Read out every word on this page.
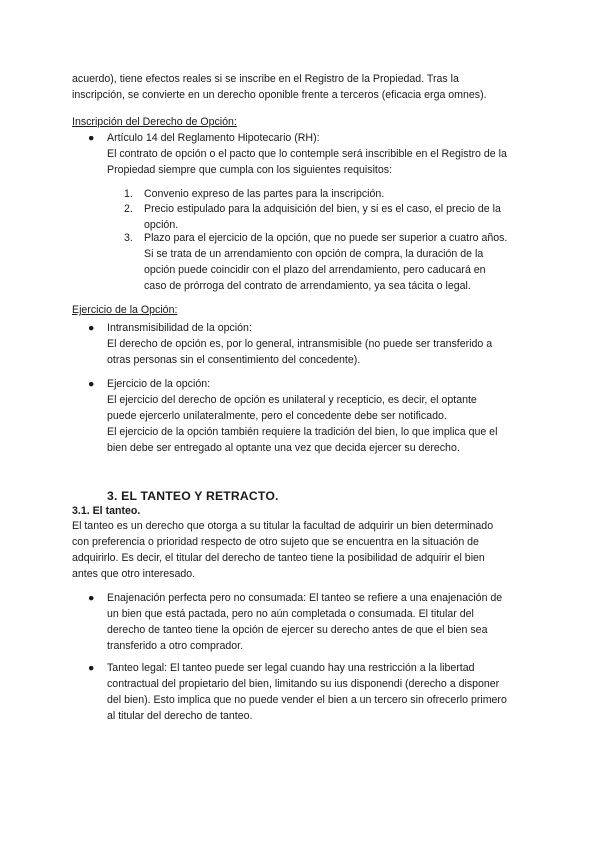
acuerdo), tiene efectos reales si se inscribe en el Registro de la Propiedad. Tras la

inscripción, se convierte en un derecho oponible frente a terceros (eficacia erga omnes).

Inscripción del Derecho de Opción:
● Artículo 14 del Reglamento Hipotecario (RH):

El contrato de opción o el pacto que lo contemple será inscribible en el Registro de la

Propiedad siempre que cumpla con los siguientes requisitos:

1.	Convenio expreso de las partes para la inscripción.

2.	Precio estipulado para la adquisición del bien, y si es el caso, el precio de la

opción.

3.	Plazo para el ejercicio de la opción, que no puede ser superior a cuatro años.

Si se trata de un arrendamiento con opción de compra, la duración de la

opción puede coincidir con el plazo del arrendamiento, pero caducará en

caso de prórroga del contrato de arrendamiento, ya sea tácita o legal.

Ejercicio de la Opción:
● Intransmisibilidad de la opción:

El derecho de opción es, por lo general, intransmisible (no puede ser transferido a

otras personas sin el consentimiento del concedente).

● Ejercicio de la opción:

El ejercicio del derecho de opción es unilateral y recepticio, es decir, el optante

puede ejercerlo unilateralmente, pero el concedente debe ser notificado.

El ejercicio de la opción también requiere la tradición del bien, lo que implica que el

bien debe ser entregado al optante una vez que decida ejercer su derecho.

3. EL TANTEO Y RETRACTO.
3.1. El tanteo.

El tanteo es un derecho que otorga a su titular la facultad de adquirir un bien determinado

con preferencia o prioridad respecto de otro sujeto que se encuentra en la situación de

adquirirlo. Es decir, el titular del derecho de tanteo tiene la posibilidad de adquirir el bien

antes que otro interesado.

● Enajenación perfecta pero no consumada: El tanteo se refiere a una enajenación de

un bien que está pactada, pero no aún completada o consumada. El titular del

derecho de tanteo tiene la opción de ejercer su derecho antes de que el bien sea

transferido a otro comprador.

● Tanteo legal: El tanteo puede ser legal cuando hay una restricción a la libertad

contractual del propietario del bien, limitando su ius disponendi (derecho a disponer

del bien). Esto implica que no puede vender el bien a un tercero sin ofrecerlo primero

al titular del derecho de tanteo.
